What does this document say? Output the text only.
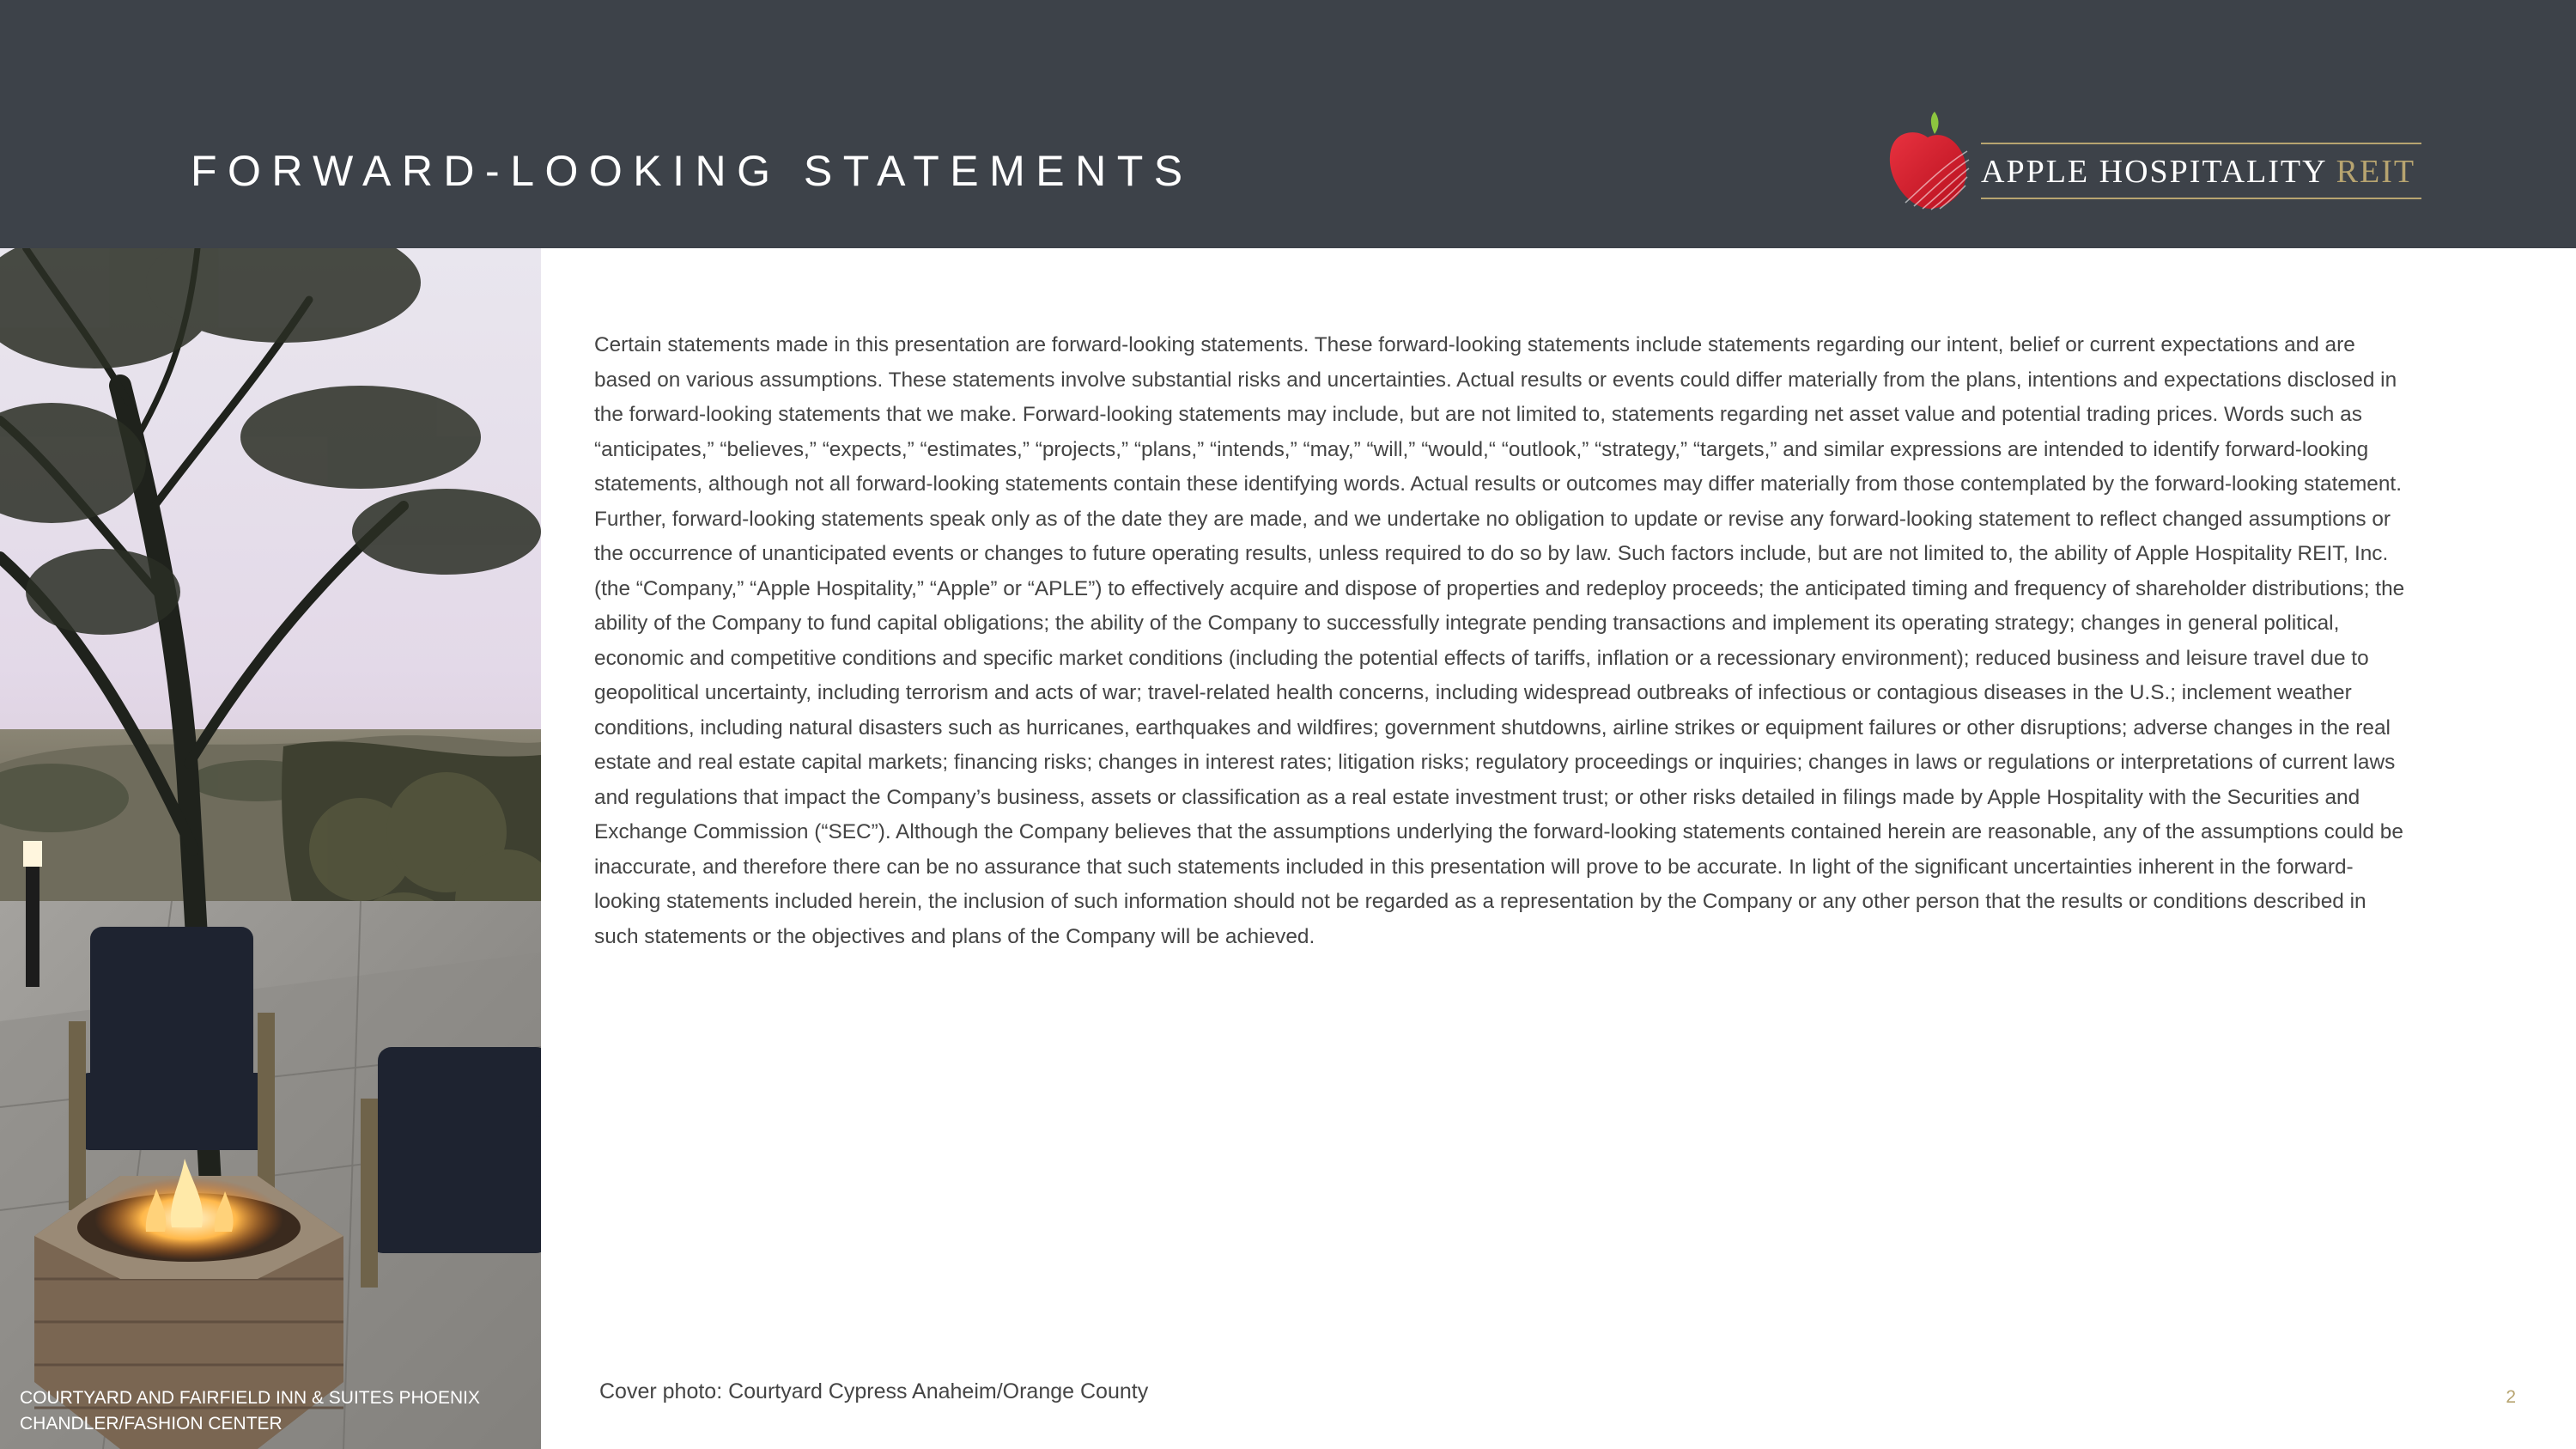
FORWARD-LOOKING STATEMENTS	APPLE HOSPITALITY REIT
COURTYARD AND FAIRFIELD INN & SUITES PHOENIX CHANDLER/FASHION CENTER

Certain statements made in this presentation are forward-looking statements. These forward-looking statements include statements regarding our intent, belief or current expectations and are based on various assumptions. These statements involve substantial risks and uncertainties. Actual results or events could differ materially from the plans, intentions and expectations disclosed in the forward-looking statements that we make. Forward-looking statements may include, but are not limited to, statements regarding net asset value and potential trading prices. Words such as “anticipates,” “believes,” “expects,” “estimates,” “projects,” “plans,” “intends,” “may,” “will,” “would,“ “outlook,” “strategy,” “targets,” and similar expressions are intended to identify forward-looking statements, although not all forward-looking statements contain these identifying words. Actual results or outcomes may differ materially from those contemplated by the forward-looking statement. Further, forward-looking statements speak only as of the date they are made, and we undertake no obligation to update or revise any forward-looking statement to reflect changed assumptions or the occurrence of unanticipated events or changes to future operating results, unless required to do so by law. Such factors include, but are not limited to, the ability of Apple Hospitality REIT, Inc. (the “Company,” “Apple Hospitality,” “Apple” or “APLE”) to effectively acquire and dispose of properties and redeploy proceeds; the anticipated timing and frequency of shareholder distributions; the ability of the Company to fund capital obligations; the ability of the Company to successfully integrate pending transactions and implement its operating strategy; changes in general political, economic and competitive conditions and specific market conditions (including the potential effects of tariffs, inflation or a recessionary environment); reduced business and leisure travel due to geopolitical uncertainty, including terrorism and acts of war; travel-related health concerns, including widespread outbreaks of infectious or contagious diseases in the U.S.; inclement weather conditions, including natural disasters such as hurricanes, earthquakes and wildfires; government shutdowns, airline strikes or equipment failures or other disruptions; adverse changes in the real estate and real estate capital markets; financing risks; changes in interest rates; litigation risks; regulatory proceedings or inquiries; changes in laws or regulations or interpretations of current laws and regulations that impact the Company’s business, assets or classification as a real estate investment trust; or other risks detailed in filings made by Apple Hospitality with the Securities and Exchange Commission (“SEC”). Although the Company believes that the assumptions underlying the forward-looking statements contained herein are reasonable, any of the assumptions could be inaccurate, and therefore there can be no assurance that such statements included in this presentation will prove to be accurate. In light of the significant uncertainties inherent in the forward-looking statements included herein, the inclusion of such information should not be regarded as a representation by the Company or any other person that the results or conditions described in such statements or the objectives and plans of the Company will be achieved.

Cover photo: Courtyard Cypress Anaheim/Orange County	2
